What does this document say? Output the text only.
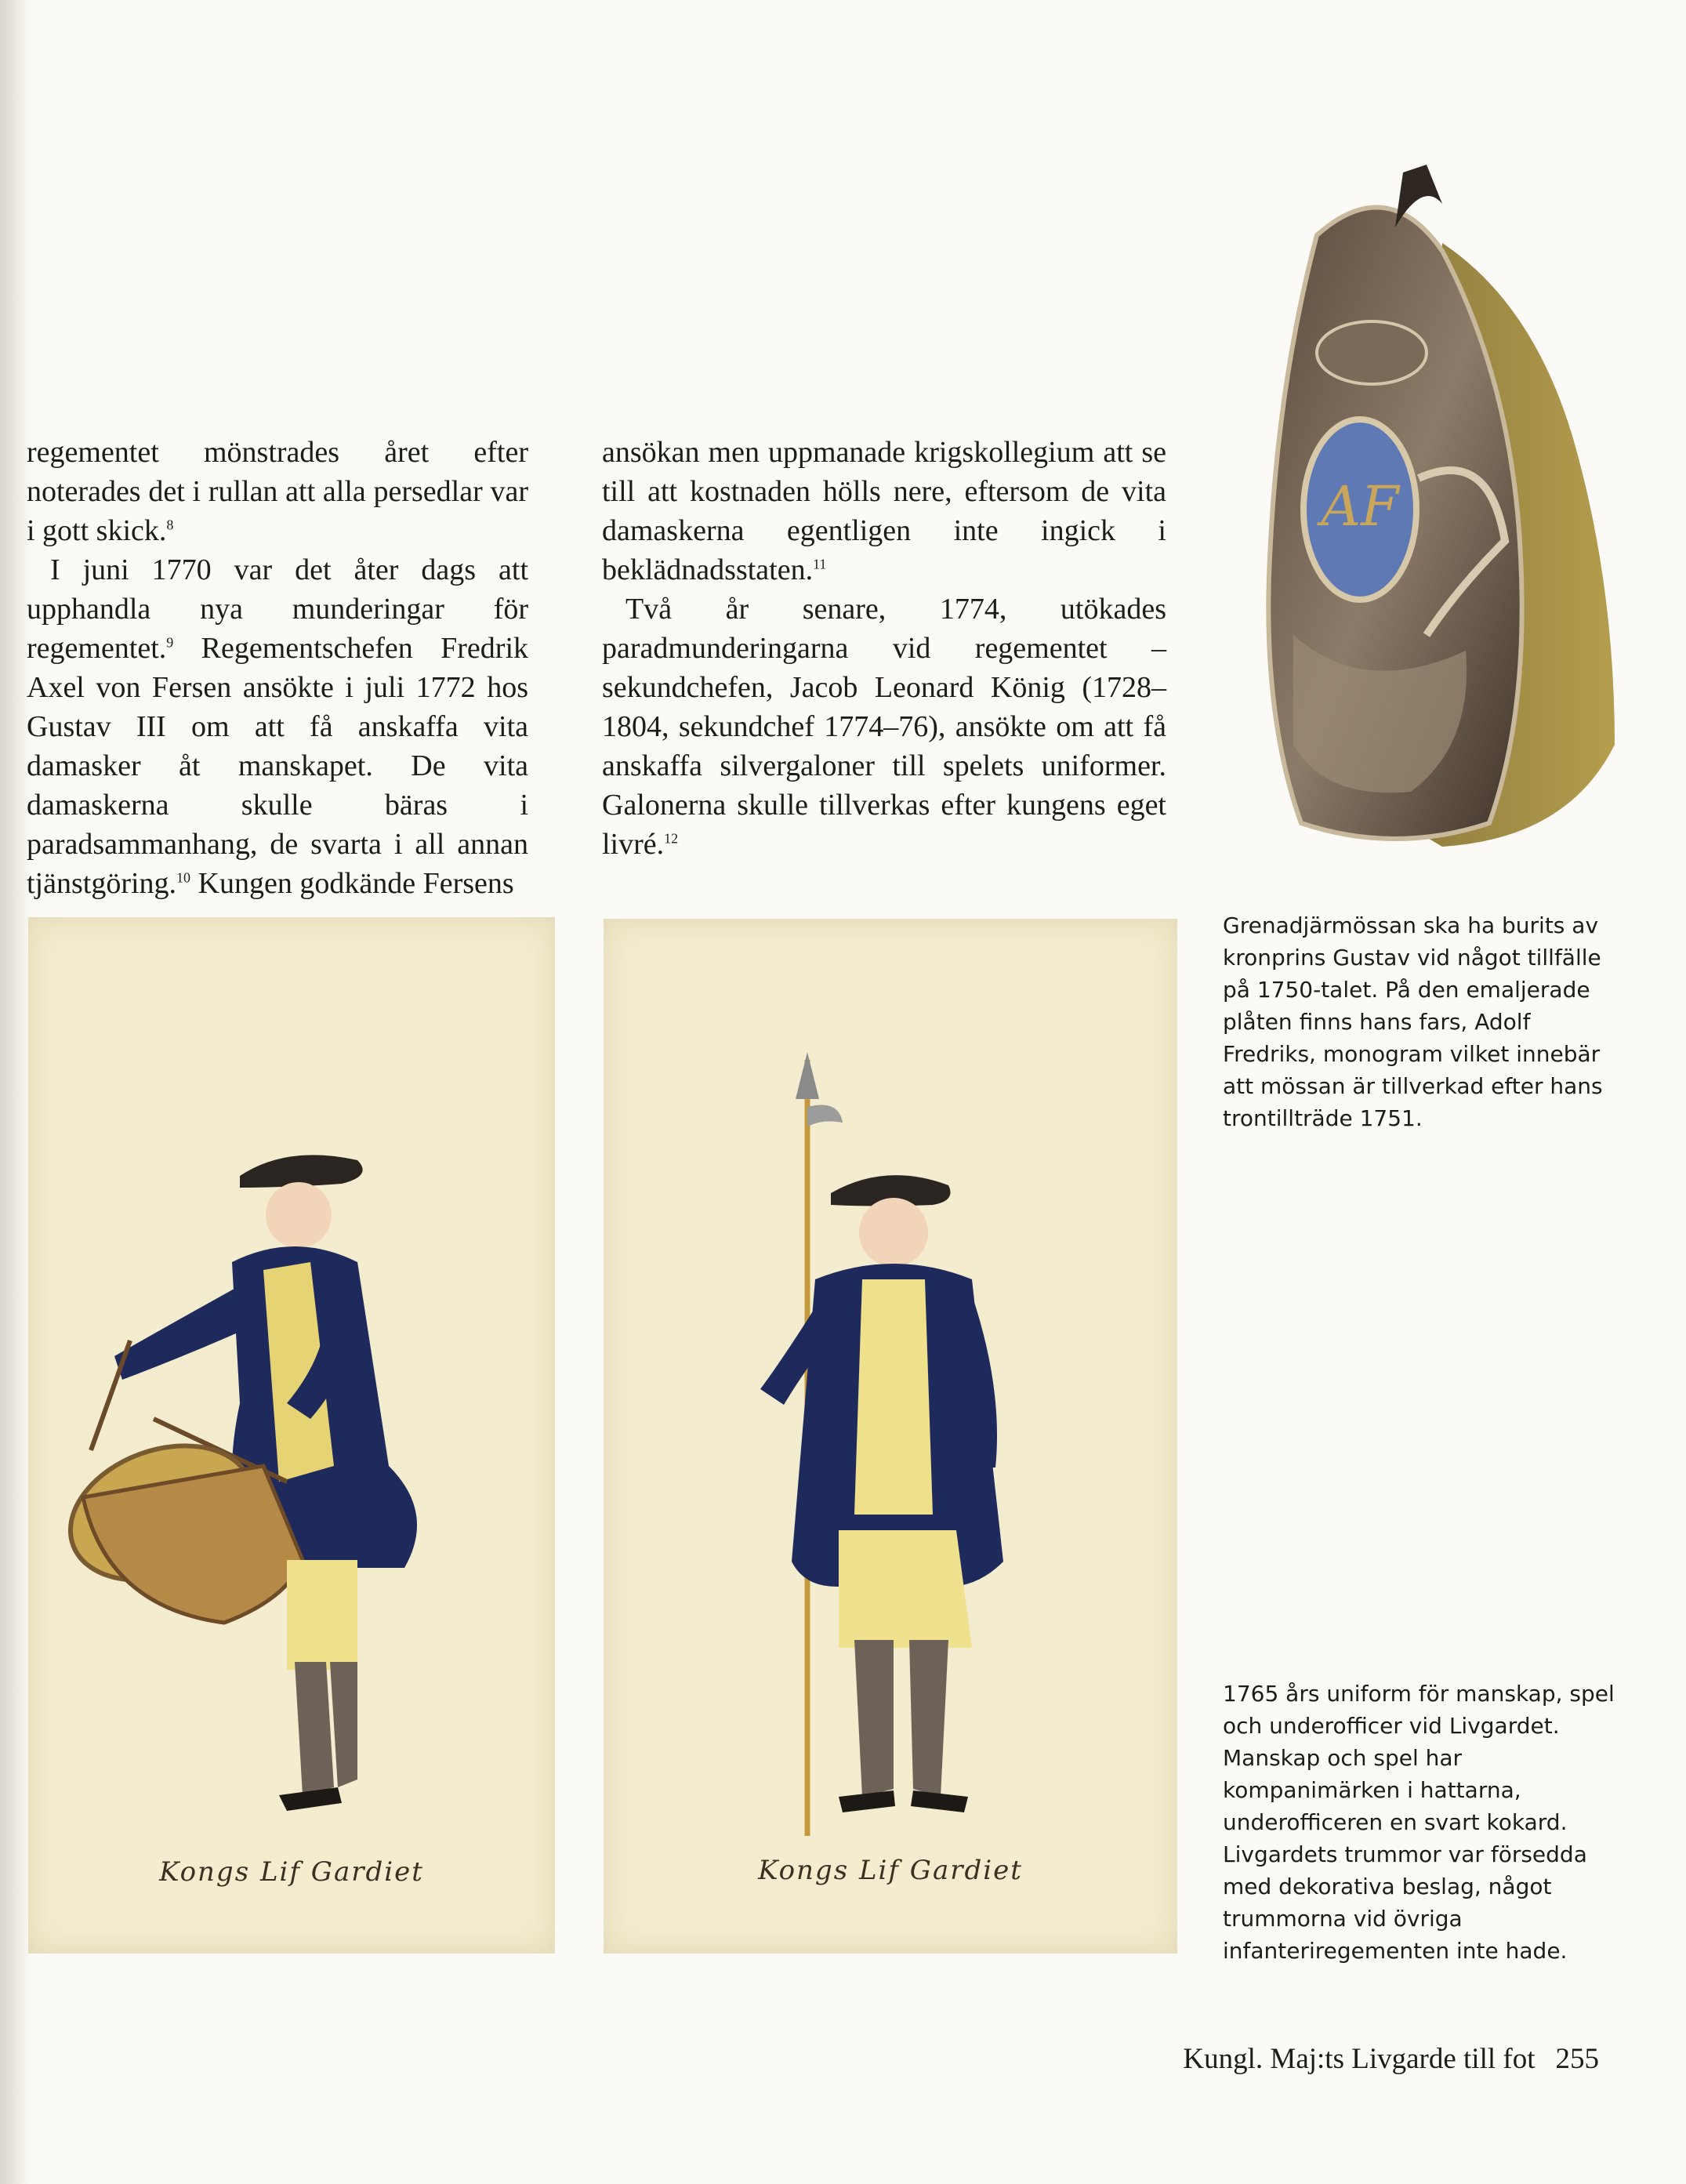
AF

regementet mönstrades året efter noterades det i rullan att alla persedlar var i gott skick.$^8$

I juni 1770 var det åter dags att upphandla nya munderingar för regementet.$^9$ Regementschefen Fredrik Axel von Fersen ansökte i juli 1772 hos Gustav III om att få anskaffa vita damasker åt manskapet. De vita damaskerna skulle bäras i paradsammanhang, de svarta i all annan tjänstgöring.$^{10}$ Kungen godkände Fersens

ansökan men uppmanade krigskollegium att se till att kostnaden hölls nere, eftersom de vita damaskerna egentligen inte ingick i beklädnadsstaten.$^{11}$

Två år senare, 1774, utökades paradmunderingarna vid regementet – sekundchefen, Jacob Leonard König (1728–1804, sekundchef 1774–76), ansökte om att få anskaffa silvergaloner till spelets uniformer. Galonerna skulle tillverkas efter kungens eget livré.$^{12}$

Grenadjärmössan ska ha burits av kronprins Gustav vid något tillfälle på 1750-talet. På den emaljerade plåten finns hans fars, Adolf Fredriks, monogram vilket innebär att mössan är tillverkad efter hans trontillträde 1751.
1765 års uniform för manskap, spel och underofficer vid Livgardet. Manskap och spel har kompanimärken i hattarna, underofficeren en svart kokard. Livgardets trummor var försedda med dekorativa beslag, något trummorna vid övriga infanteriregementen inte hade.
Kongs Lif Gardiet	Kongs Lif Gardiet
Kungl. Maj:ts Livgarde till fot 255
